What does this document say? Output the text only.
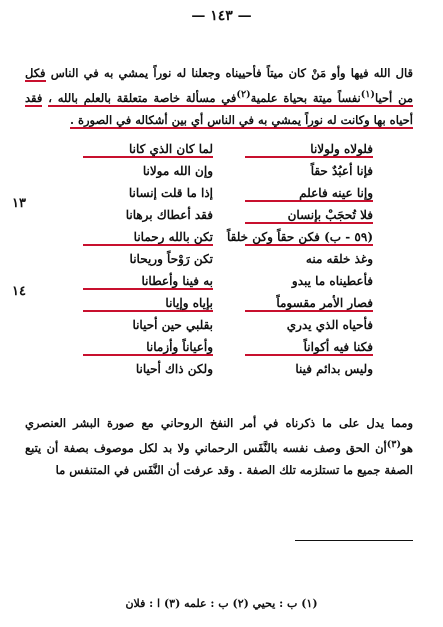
— ١٤٣ —

قال الله فيها وأو مَنْ كان ميتاً فأحييناه وجعلنا له نوراً يمشي به في الناس فكل من أحيا$^{(١)}$نفساً ميتة بحياة علمية$^{(٢)}$في مسألة خاصة متعلقة بالعلم بالله ، فقد أحياه بها وكانت له نوراً يمشي به في الناس أي بين أشكاله في الصورة .

فلولاه ولولانا
لما كان الذي كانا
فإنا أعبُدٌ حقاً
وإن الله مولانا
وإنا عينه فاعلم
إذا ما قلت إنسانا
فلا تُحجَبْ بإنسان
فقد أعطاك برهانا
(٥٩ - ب) فكن حقاً وكن خلقاً
تكن بالله رحمانا
وغذ خلقه منه
تكن رَوْحاً وريحانا
فأعطيناه ما يبدو
به فينا وأعطانا
فصار الأمر مقسوماً
بإياه وإيانا
فأحياه الذي يدري
بقلبي حين أحيانا
فكنا فيه أكواناً
وأعياناً وأزمانا
وليس بدائم فينا
ولكن ذاك أحيانا
١٣
١٤

ومما يدل على ما ذكرناه في أمر النفخ الروحاني مع صورة البشر العنصري هو$^{(٣)}$أن الحق وصف نفسه بالنَّفَس الرحماني ولا بد لكل موصوف بصفة أن يتبع الصفة جميع ما تستلزمه تلك الصفة . وقد عرفت أن النَّفَس في المتنفس ما

(١) ب : يحيي (٢) ب : علمه (٣) ا : فلان
